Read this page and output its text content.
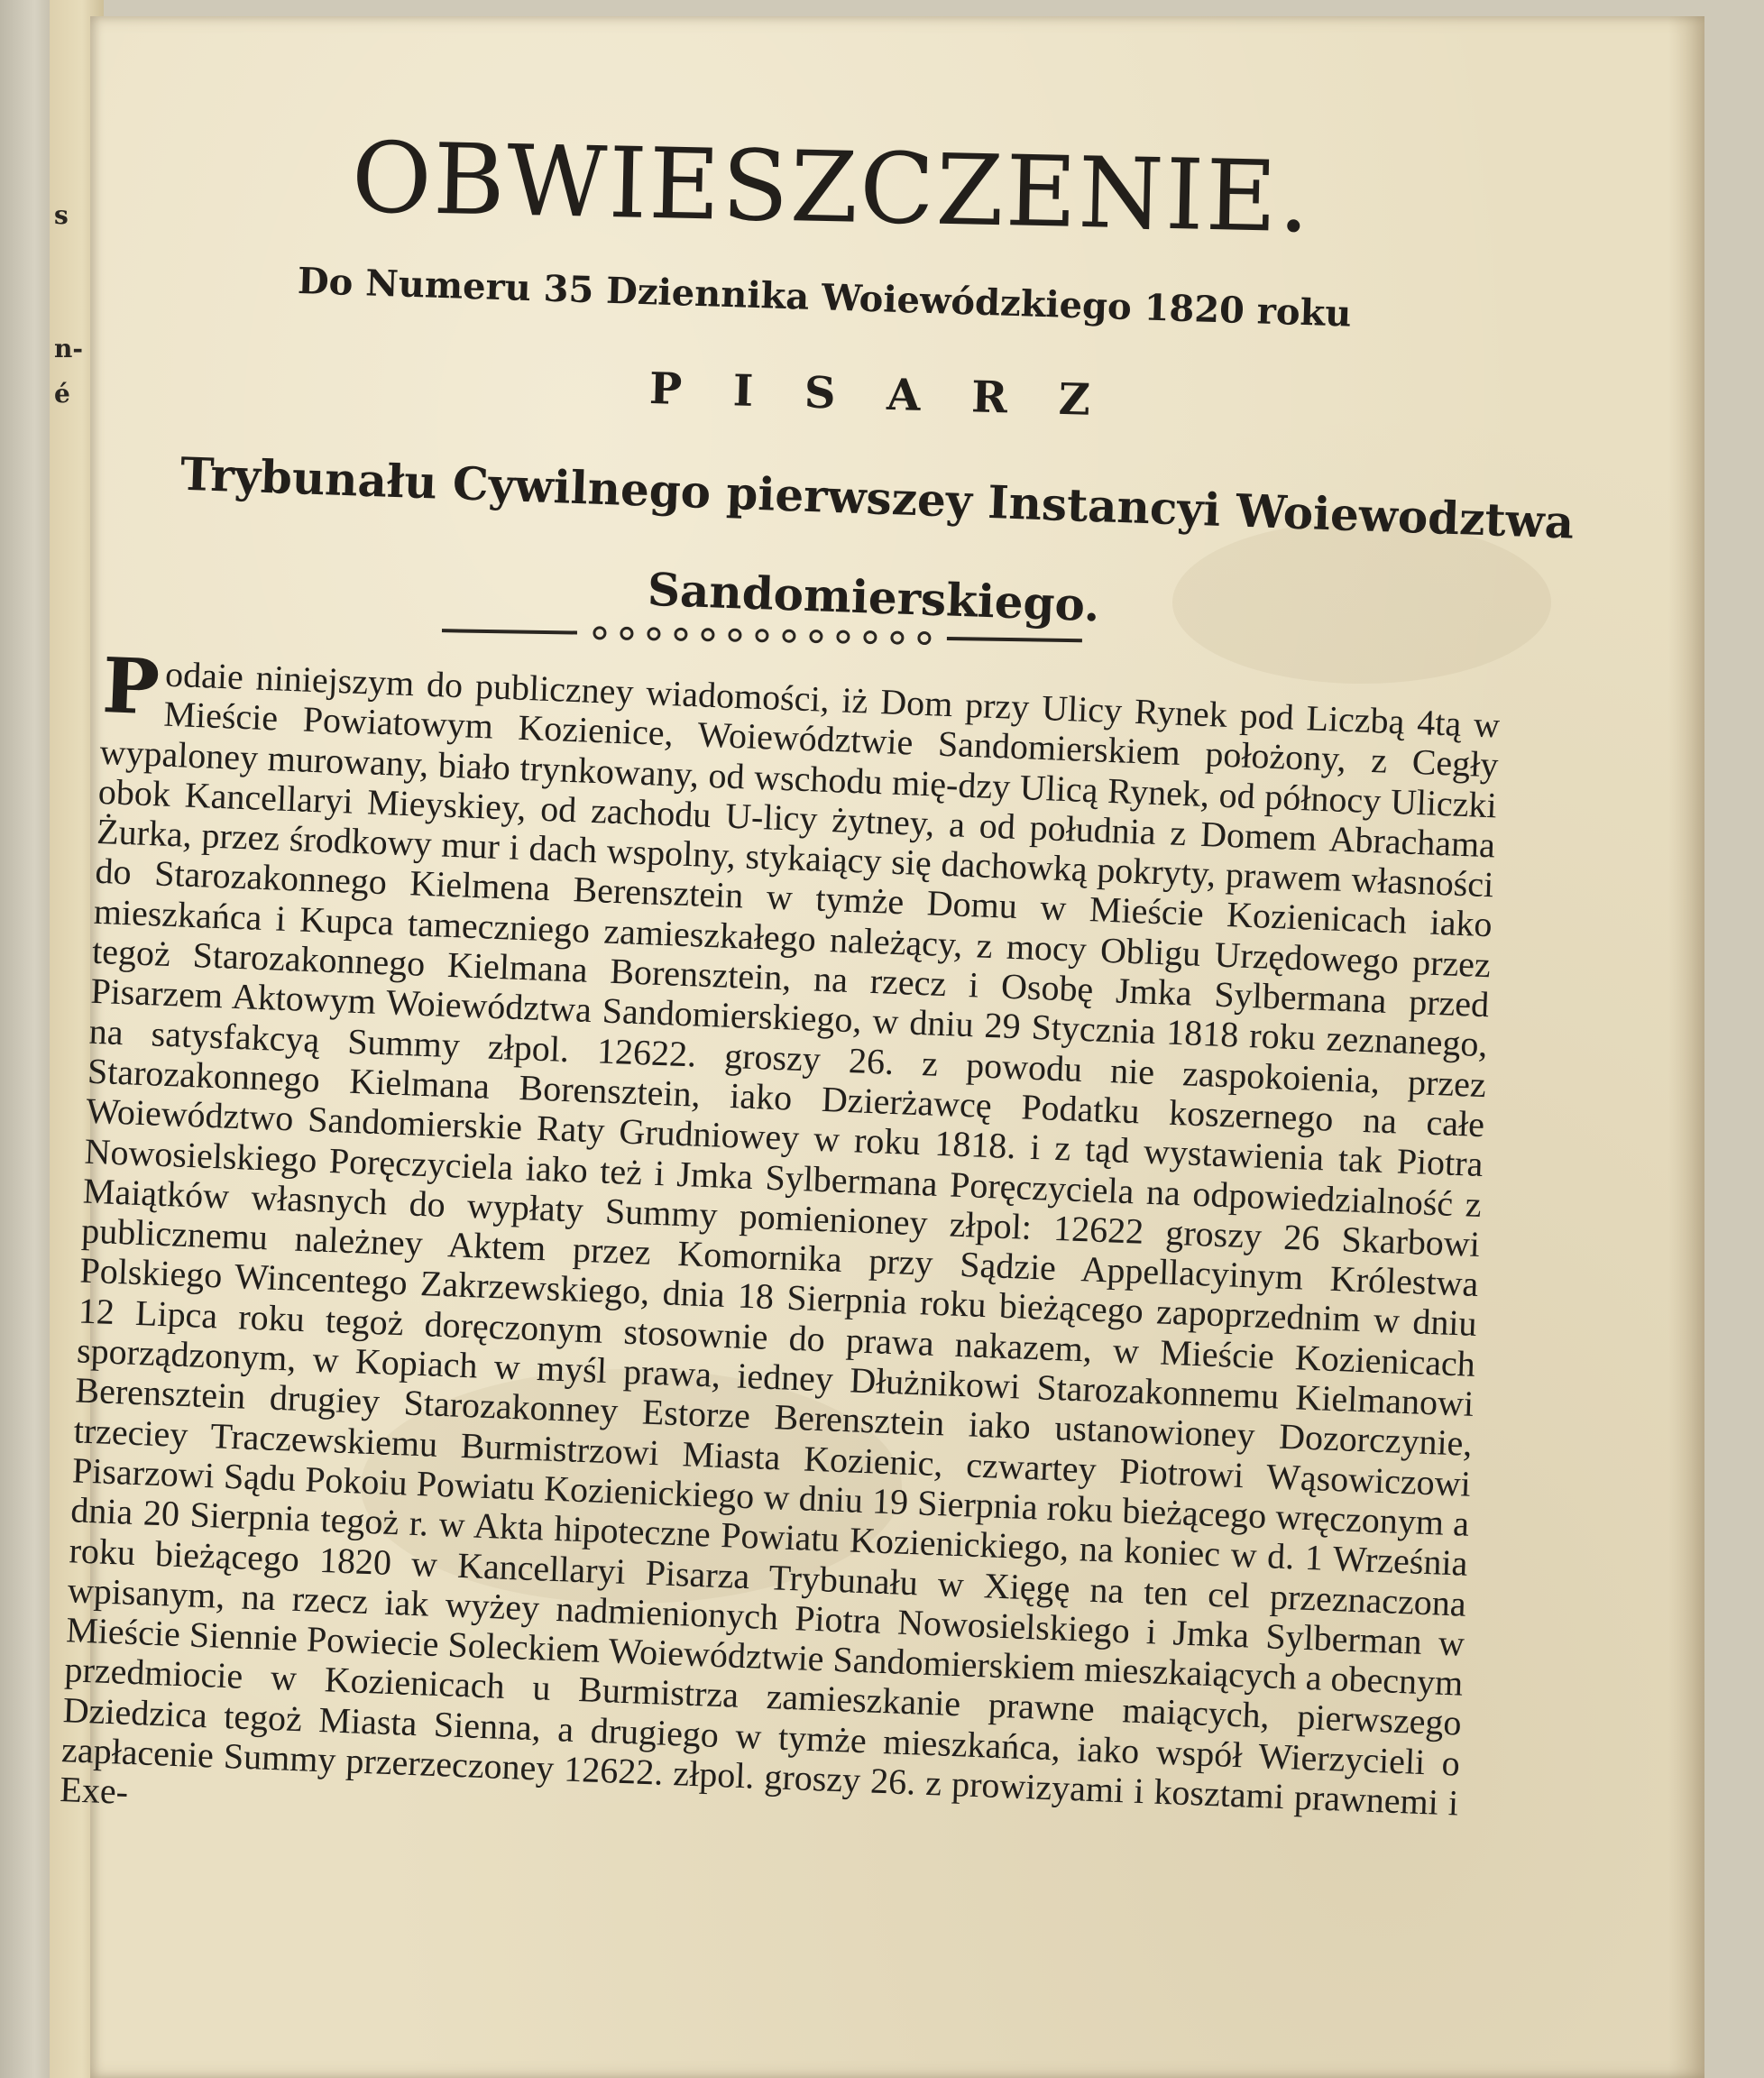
s
n-
é
OBWIESZCZENIE.
Do Numeru 35 Dziennika Woiewódzkiego 1820 roku
P I S A R Z
Trybunału Cywilnego pierwszey Instancyi Woiewodztwa Sandomierskiego.

Podaie niniejszym do publiczney wiadomości, iż Dom przy Ulicy Rynek pod Liczbą 4tą w Mieście Powiatowym Kozienice, Woiewództwie Sandomierskiem położony, z Cegły wypaloney murowany, biało trynkowany, od wschodu mię-dzy Ulicą Rynek, od północy Uliczki obok Kancellaryi Mieyskiey, od zachodu U-licy żytney, a od południa z Domem Abrachama Żurka, przez środkowy mur i dach wspolny, stykaiący się dachowką pokryty, prawem własności do Starozakonnego Kielmena Berensztein w tymże Domu w Mieście Kozienicach iako mieszkańca i Kupca tameczniego zamieszkałego należący, z mocy Obligu Urzędowego przez tegoż Starozakonnego Kielmana Borensztein, na rzecz i Osobę Jmka Sylbermana przed Pisarzem Aktowym Woiewództwa Sandomierskiego, w dniu 29 Stycznia 1818 roku zeznanego, na satysfakcyą Summy złpol. 12622. groszy 26. z powodu nie zaspokoienia, przez Starozakonnego Kielmana Borensztein, iako Dzierżawcę Podatku koszernego na całe Woiewództwo Sandomierskie Raty Grudniowey w roku 1818. i z tąd wystawienia tak Piotra Nowosielskiego Poręczyciela iako też i Jmka Sylbermana Poręczyciela na odpowiedzialność z Maiątków własnych do wypłaty Summy pomienioney złpol: 12622 groszy 26 Skarbowi publicznemu należney Aktem przez Komornika przy Sądzie Appellacyinym Królestwa Polskiego Wincentego Zakrzewskiego, dnia 18 Sierpnia roku bieżącego zapoprzednim w dniu 12 Lipca roku tegoż doręczonym stosownie do prawa nakazem, w Mieście Kozienicach sporządzonym, w Kopiach w myśl prawa, iedney Dłużnikowi Starozakonnemu Kielmanowi Berensztein drugiey Starozakonney Estorze Berensztein iako ustanowioney Dozorczynie, trzeciey Traczewskiemu Burmistrzowi Miasta Kozienic, czwartey Piotrowi Wąsowiczowi Pisarzowi Sądu Pokoiu Powiatu Kozienickiego w dniu 19 Sierpnia roku bieżącego wręczonym a dnia 20 Sierpnia tegoż r. w Akta hipoteczne Powiatu Kozienickiego, na koniec w d. 1 Września roku bieżącego 1820 w Kancellaryi Pisarza Trybunału w Xięgę na ten cel przeznaczona wpisanym, na rzecz iak wyżey nadmienionych Piotra Nowosielskiego i Jmka Sylberman w Mieście Siennie Powiecie Soleckiem Woiewództwie Sandomierskiem mieszkaiących a obecnym przedmiocie w Kozienicach u Burmistrza zamieszkanie prawne maiących, pierwszego Dziedzica tegoż Miasta Sienna, a drugiego w tymże mieszkańca, iako współ Wierzycieli o zapłacenie Summy przerzeczoney 12622. złpol. groszy 26. z prowizyami i kosztami prawnemi i Exe-
